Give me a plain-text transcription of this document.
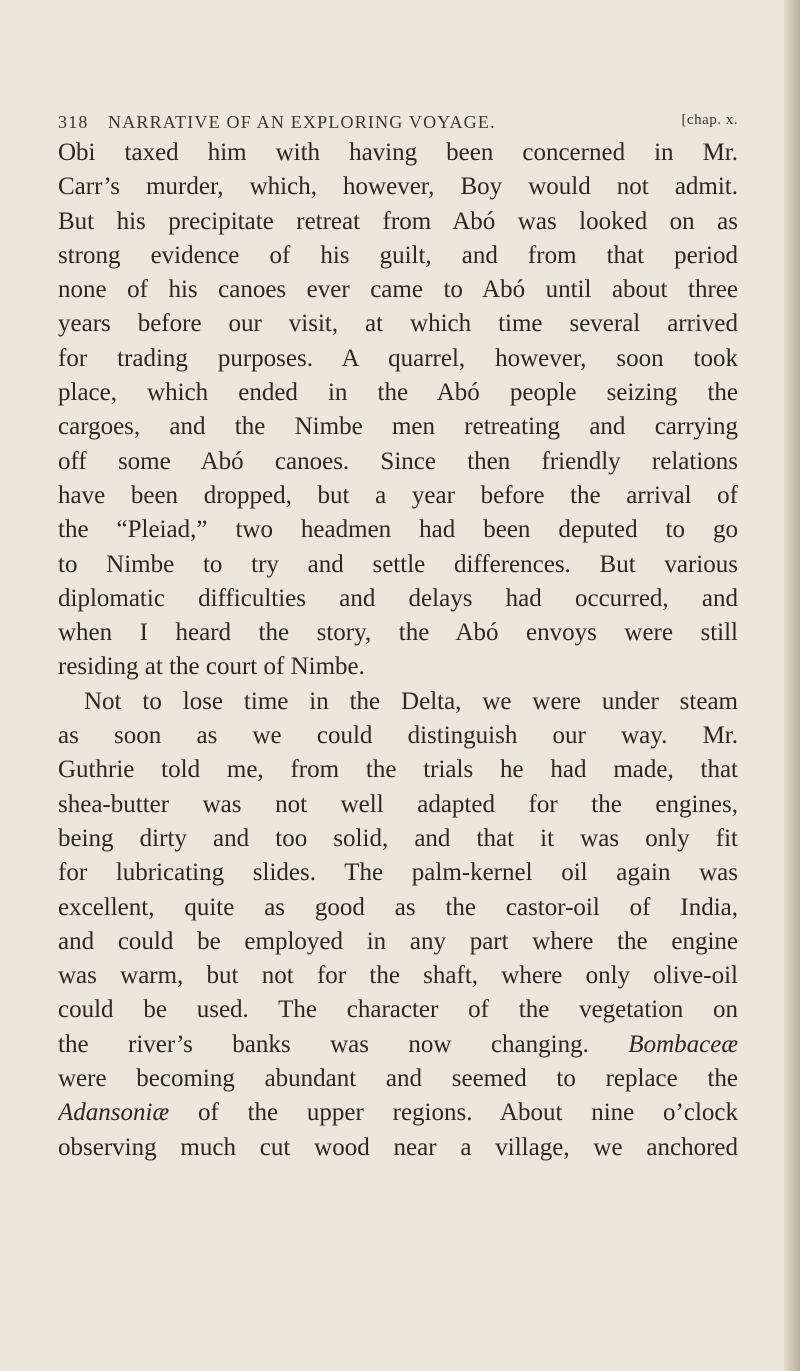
318 NARRATIVE OF AN EXPLORING VOYAGE.	[chap. x.
Obi taxed him with having been concerned in Mr.
Carr’s murder, which, however, Boy would not admit.
But his precipitate retreat from Abó was looked on as
strong evidence of his guilt, and from that period
none of his canoes ever came to Abó until about three
years before our visit, at which time several arrived
for trading purposes. A quarrel, however, soon took
place, which ended in the Abó people seizing the
cargoes, and the Nimbe men retreating and carrying
off some Abó canoes. Since then friendly relations
have been dropped, but a year before the arrival of
the “Pleiad,” two headmen had been deputed to go
to Nimbe to try and settle differences. But various
diplomatic difficulties and delays had occurred, and
when I heard the story, the Abó envoys were still
residing at the court of Nimbe.
Not to lose time in the Delta, we were under steam
as soon as we could distinguish our way. Mr.
Guthrie told me, from the trials he had made, that
shea-butter was not well adapted for the engines,
being dirty and too solid, and that it was only fit
for lubricating slides. The palm-kernel oil again was
excellent, quite as good as the castor-oil of India,
and could be employed in any part where the engine
was warm, but not for the shaft, where only olive-oil
could be used. The character of the vegetation on
the river’s banks was now changing. Bombaceæ
were becoming abundant and seemed to replace the
Adansoniæ of the upper regions. About nine o’clock
observing much cut wood near a village, we anchored
